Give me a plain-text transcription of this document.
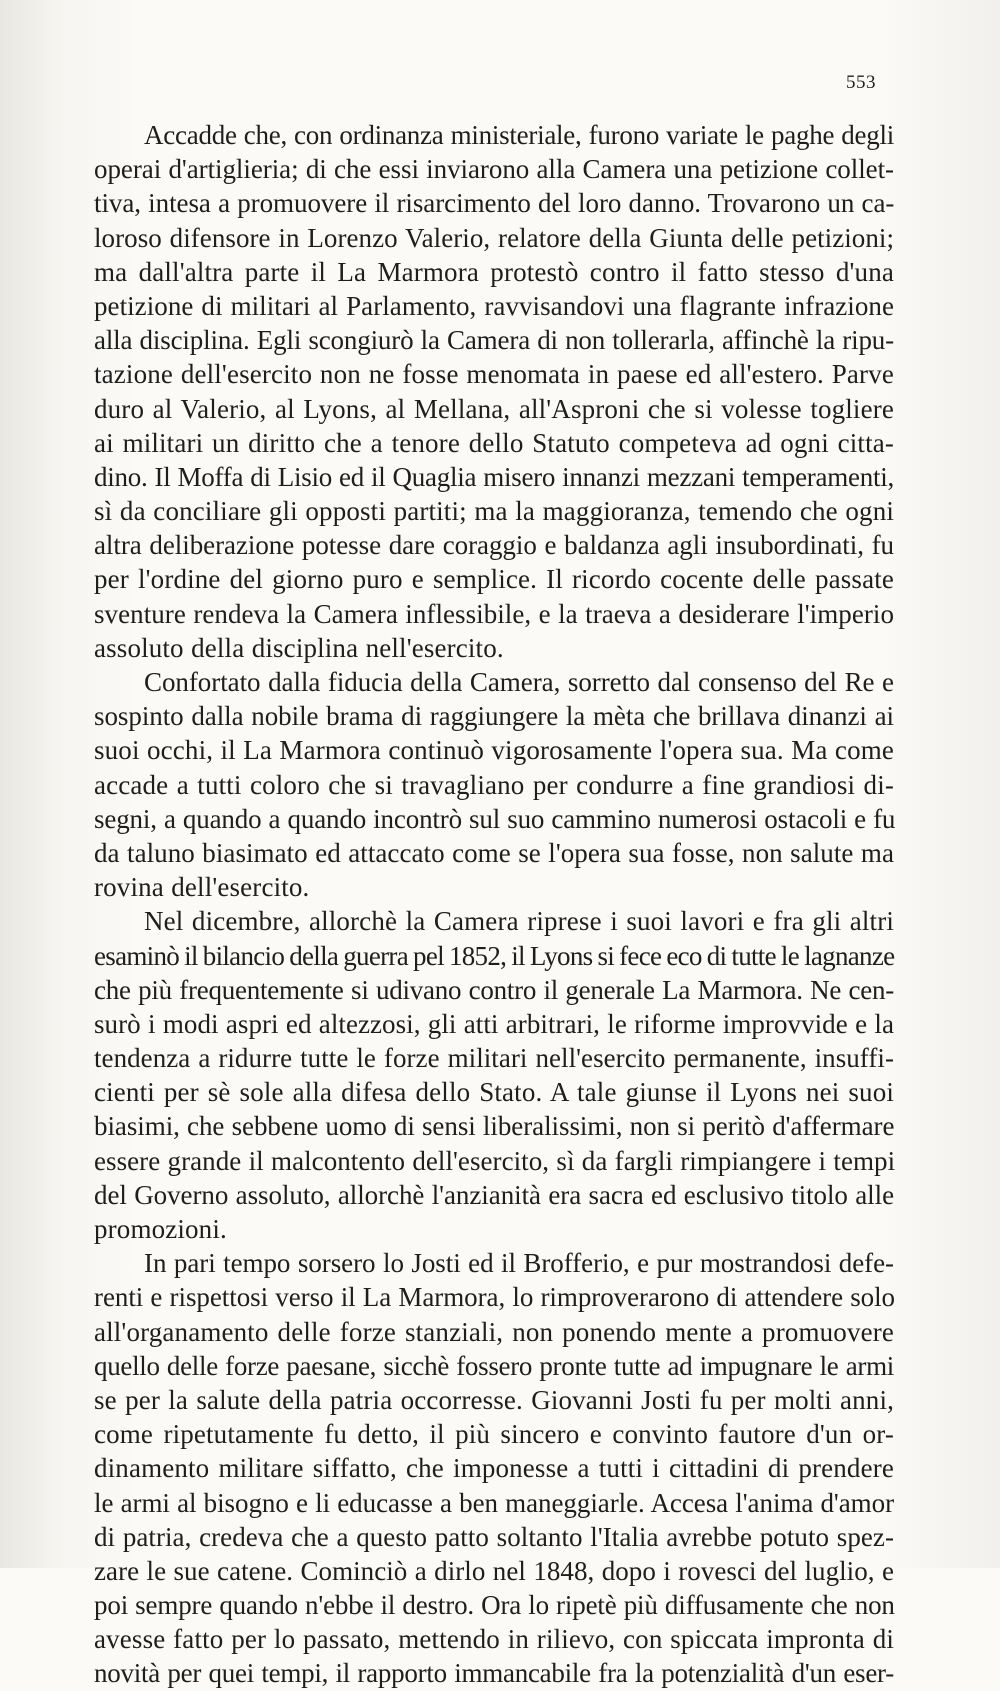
553
Accadde che, con ordinanza ministeriale, furono variate le paghe degli
operai d'artiglieria; di che essi inviarono alla Camera una petizione collet-
tiva, intesa a promuovere il risarcimento del loro danno. Trovarono un ca-
loroso difensore in Lorenzo Valerio, relatore della Giunta delle petizioni;
ma dall'altra parte il La Marmora protestò contro il fatto stesso d'una
petizione di militari al Parlamento, ravvisandovi una flagrante infrazione
alla disciplina. Egli scongiurò la Camera di non tollerarla, affinchè la ripu-
tazione dell'esercito non ne fosse menomata in paese ed all'estero. Parve
duro al Valerio, al Lyons, al Mellana, all'Asproni che si volesse togliere
ai militari un diritto che a tenore dello Statuto competeva ad ogni citta-
dino. Il Moffa di Lisio ed il Quaglia misero innanzi mezzani temperamenti,
sì da conciliare gli opposti partiti; ma la maggioranza, temendo che ogni
altra deliberazione potesse dare coraggio e baldanza agli insubordinati, fu
per l'ordine del giorno puro e semplice. Il ricordo cocente delle passate
sventure rendeva la Camera inflessibile, e la traeva a desiderare l'imperio
assoluto della disciplina nell'esercito.
Confortato dalla fiducia della Camera, sorretto dal consenso del Re e
sospinto dalla nobile brama di raggiungere la mèta che brillava dinanzi ai
suoi occhi, il La Marmora continuò vigorosamente l'opera sua. Ma come
accade a tutti coloro che si travagliano per condurre a fine grandiosi di-
segni, a quando a quando incontrò sul suo cammino numerosi ostacoli e fu
da taluno biasimato ed attaccato come se l'opera sua fosse, non salute ma
rovina dell'esercito.
Nel dicembre, allorchè la Camera riprese i suoi lavori e fra gli altri
esaminò il bilancio della guerra pel 1852, il Lyons si fece eco di tutte le lagnanze
che più frequentemente si udivano contro il generale La Marmora. Ne cen-
surò i modi aspri ed altezzosi, gli atti arbitrari, le riforme improvvide e la
tendenza a ridurre tutte le forze militari nell'esercito permanente, insuffi-
cienti per sè sole alla difesa dello Stato. A tale giunse il Lyons nei suoi
biasimi, che sebbene uomo di sensi liberalissimi, non si peritò d'affermare
essere grande il malcontento dell'esercito, sì da fargli rimpiangere i tempi
del Governo assoluto, allorchè l'anzianità era sacra ed esclusivo titolo alle
promozioni.
In pari tempo sorsero lo Josti ed il Brofferio, e pur mostrandosi defe-
renti e rispettosi verso il La Marmora, lo rimproverarono di attendere solo
all'organamento delle forze stanziali, non ponendo mente a promuovere
quello delle forze paesane, sicchè fossero pronte tutte ad impugnare le armi
se per la salute della patria occorresse. Giovanni Josti fu per molti anni,
come ripetutamente fu detto, il più sincero e convinto fautore d'un or-
dinamento militare siffatto, che imponesse a tutti i cittadini di prendere
le armi al bisogno e li educasse a ben maneggiarle. Accesa l'anima d'amor
di patria, credeva che a questo patto soltanto l'Italia avrebbe potuto spez-
zare le sue catene. Cominciò a dirlo nel 1848, dopo i rovesci del luglio, e
poi sempre quando n'ebbe il destro. Ora lo ripetè più diffusamente che non
avesse fatto per lo passato, mettendo in rilievo, con spiccata impronta di
novità per quei tempi, il rapporto immancabile fra la potenzialità d'un eser-
